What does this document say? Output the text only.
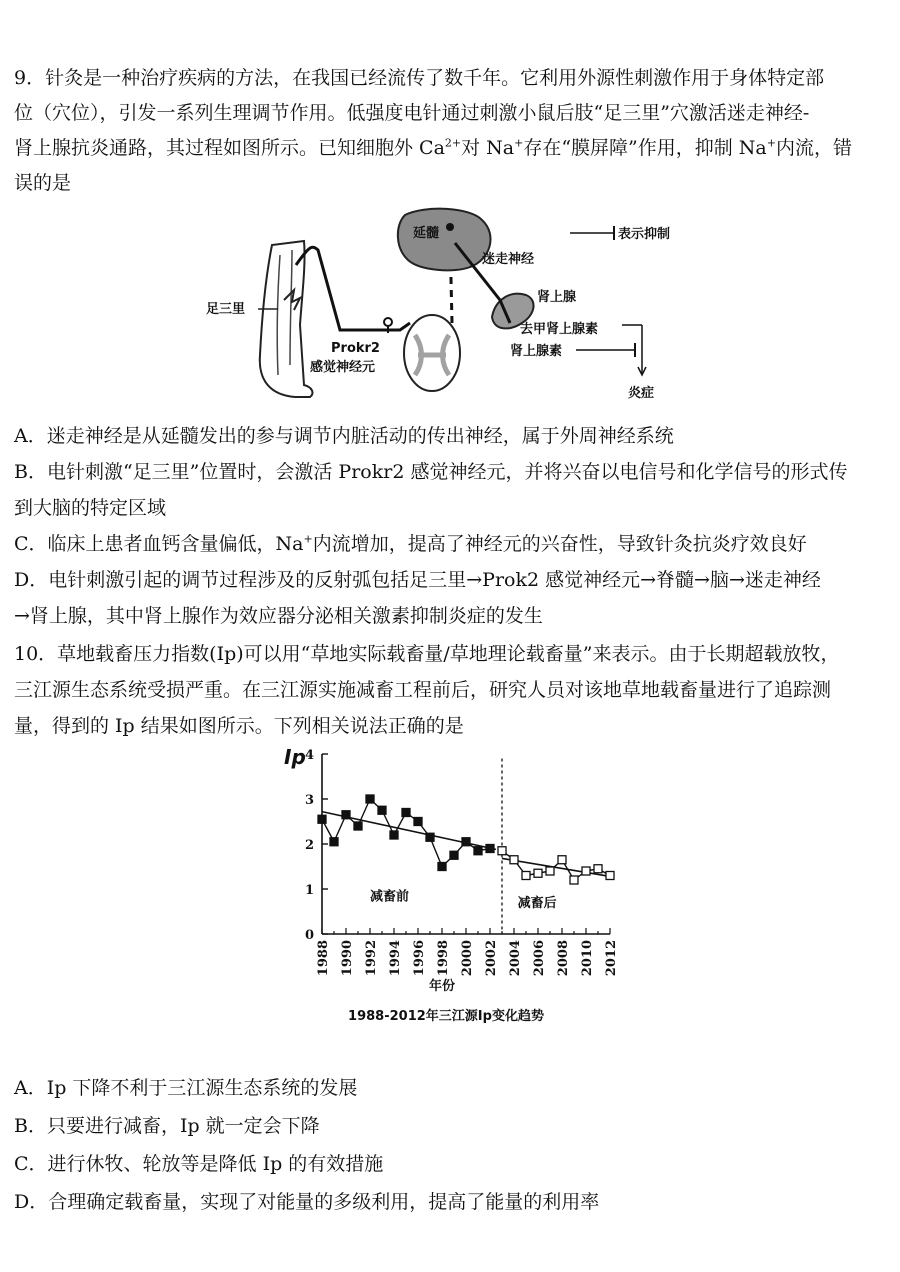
9．针灸是一种治疗疾病的方法，在我国已经流传了数千年。它利用外源性刺激作用于身体特定部
位（穴位），引发一系列生理调节作用。低强度电针通过刺激小鼠后肢“足三里”穴激活迷走神经-
肾上腺抗炎通路，其过程如图所示。已知细胞外 $Ca^{2+}$对 Na+存在“膜屏障”作用，抑制 Na+内流，错
误的是
延髓
迷走神经
肾上腺
去甲肾上腺素
肾上腺素
炎症
表示抑制
足三里
Prokr2
感觉神经元
A．迷走神经是从延髓发出的参与调节内脏活动的传出神经，属于外周神经系统
B．电针刺激“足三里”位置时，会激活 Prokr2 感觉神经元，并将兴奋以电信号和化学信号的形式传
到大脑的特定区域
C．临床上患者血钙含量偏低，Na+内流增加，提高了神经元的兴奋性，导致针灸抗炎疗效良好
D．电针刺激引起的调节过程涉及的反射弧包括足三里→Prok2 感觉神经元→脊髓→脑→迷走神经
→肾上腺，其中肾上腺作为效应器分泌相关激素抑制炎症的发生
10．草地载畜压力指数(Ip)可以用“草地实际载畜量/草地理论载畜量”来表示。由于长期超载放牧，
三江源生态系统受损严重。在三江源实施减畜工程前后，研究人员对该地草地载畜量进行了追踪测
量，得到的 Ip 结果如图所示。下列相关说法正确的是
0
1
2
3
4
1988 1990 1992 1994 1996 1998 2000 2002 2004 2006 2008 2010 2012
Ip
减畜前	减畜后
年份
1988-2012年三江源Ip变化趋势
A．Ip 下降不利于三江源生态系统的发展
B．只要进行减畜，Ip 就一定会下降
C．进行休牧、轮放等是降低 Ip 的有效措施
D．合理确定载畜量，实现了对能量的多级利用，提高了能量的利用率
